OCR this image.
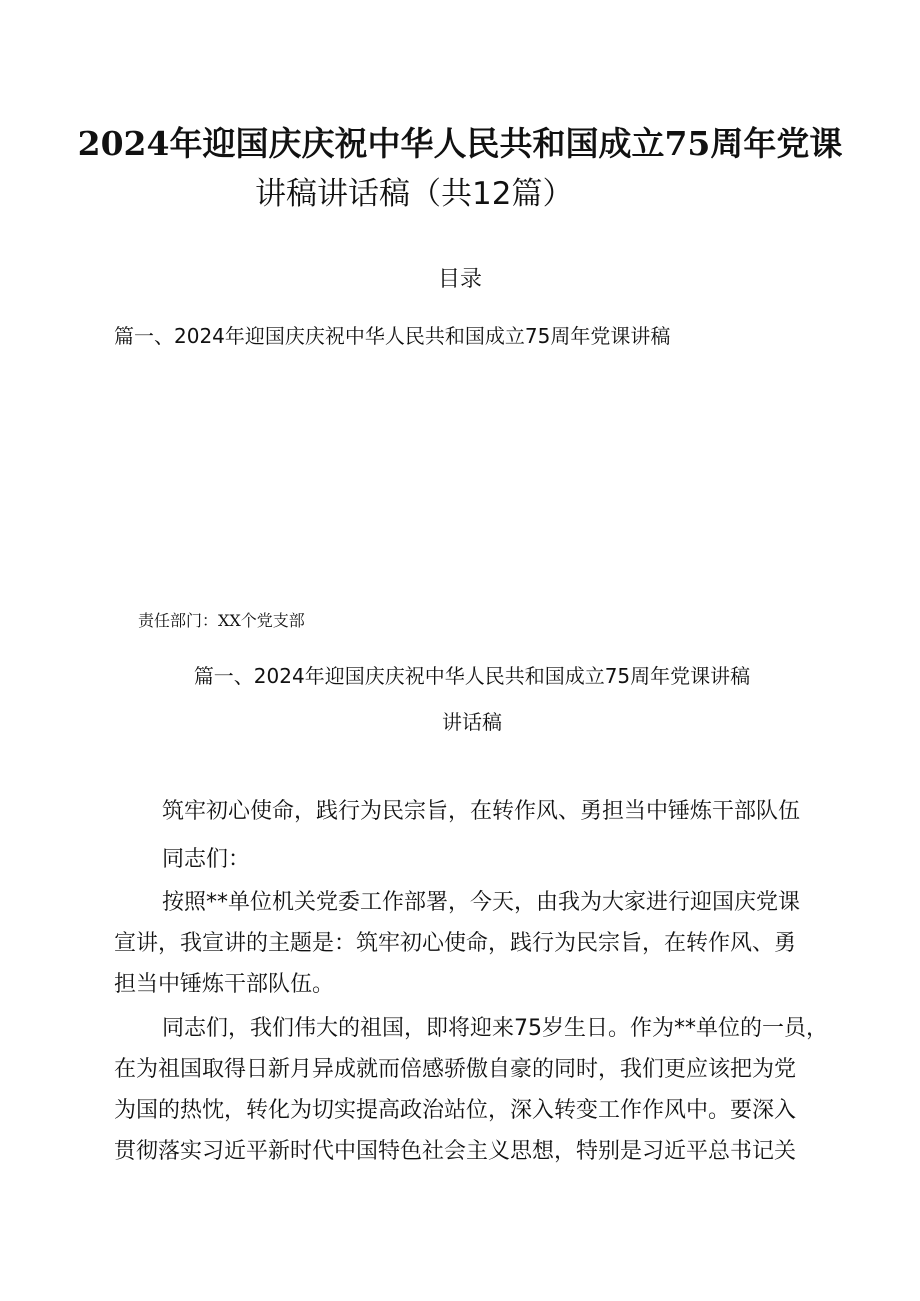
2024年迎国庆庆祝中华人民共和国成立75周年党课
讲稿讲话稿（共12篇）
目录
篇一、2024年迎国庆庆祝中华人民共和国成立75周年党课讲稿
责任部门：XX个党支部
篇一、2024年迎国庆庆祝中华人民共和国成立75周年党课讲稿
讲话稿
筑牢初心使命，践行为民宗旨，在转作风、勇担当中锤炼干部队伍
同志们：
按照**单位机关党委工作部署，今天，由我为大家进行迎国庆党课
宣讲，我宣讲的主题是：筑牢初心使命，践行为民宗旨，在转作风、勇
担当中锤炼干部队伍。
同志们，我们伟大的祖国，即将迎来75岁生日。作为**单位的一员，
在为祖国取得日新月异成就而倍感骄傲自豪的同时，我们更应该把为党
为国的热忱，转化为切实提高政治站位，深入转变工作作风中。要深入
贯彻落实习近平新时代中国特色社会主义思想，特别是习近平总书记关
